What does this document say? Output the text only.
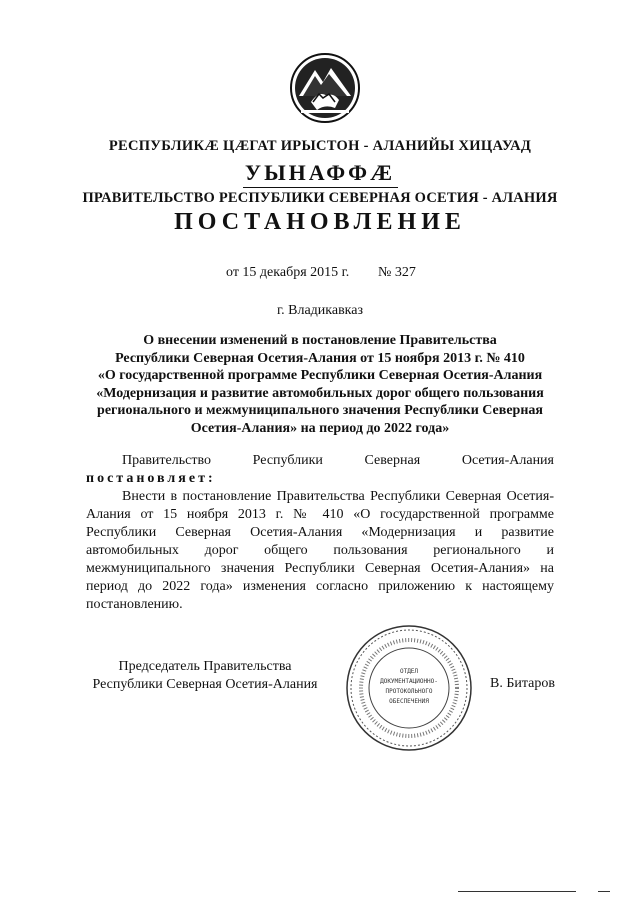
РЕСПУБЛИКӔ ЦӔГАТ ИРЫСТОН - АЛАНИЙЫ ХИЦАУАД
УЫНАФФӔ
ПРАВИТЕЛЬСТВО РЕСПУБЛИКИ СЕВЕРНАЯ ОСЕТИЯ - АЛАНИЯ
ПОСТАНОВЛЕНИЕ
от 15 декабря 2015 г. № 327
г. Владикавказ
О внесении изменений в постановление Правительства
Республики Северная Осетия-Алания от 15 ноября 2013 г. № 410
«О государственной программе Республики Северная Осетия-Алания
«Модернизация и развитие автомобильных дорог общего пользования
регионального и межмуниципального значения Республики Северная
Осетия-Алания» на период до 2022 года»

Правительство Республики Северная Осетия-Алания

постановляет:

Внести в постановление Правительства Республики Северная Осетия-Алания от 15 ноября 2013 г. № 410 «О государственной программе Республики Северная Осетия-Алания «Модернизация и развитие автомобильных дорог общего пользования регионального и межмуниципального значения Республики Северная Осетия-Алания» на период до 2022 года» изменения согласно приложению к настоящему постановлению.

Председатель Правительства
Республики Северная Осетия-Алания
ОТДЕЛ
ДОКУМЕНТАЦИОННО-
ПРОТОКОЛЬНОГО
ОБЕСПЕЧЕНИЯ
В. Битаров
